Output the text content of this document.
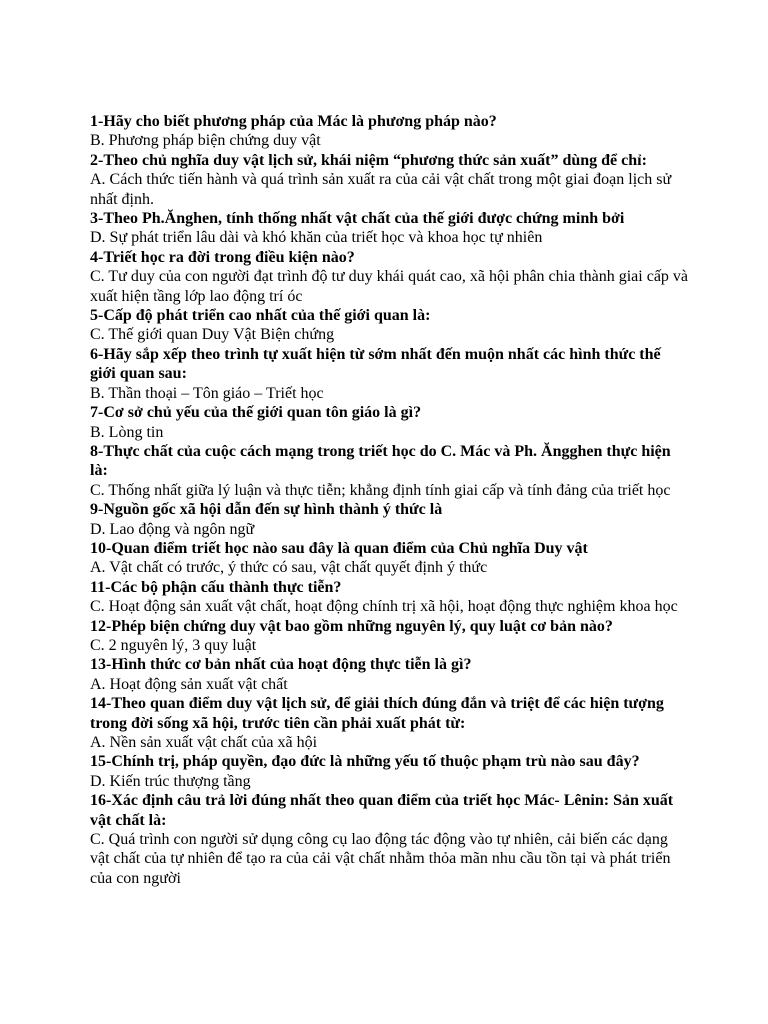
1-Hãy cho biết phương pháp của Mác là phương pháp nào?

B. Phương pháp biện chứng duy vật

2-Theo chủ nghĩa duy vật lịch sử, khái niệm “phương thức sản xuất” dùng để chỉ:

A. Cách thức tiến hành và quá trình sản xuất ra của cải vật chất trong một giai đoạn lịch sử nhất định.

3-Theo Ph.Ănghen, tính thống nhất vật chất của thế giới được chứng minh bởi

D. Sự phát triển lâu dài và khó khăn của triết học và khoa học tự nhiên

4-Triết học ra đời trong điều kiện nào?

C. Tư duy của con người đạt trình độ tư duy khái quát cao, xã hội phân chia thành giai cấp và xuất hiện tầng lớp lao động trí óc

5-Cấp độ phát triển cao nhất của thế giới quan là:

C. Thế giới quan Duy Vật Biện chứng

6-Hãy sắp xếp theo trình tự xuất hiện từ sớm nhất đến muộn nhất các hình thức thế giới quan sau:

B. Thần thoại – Tôn giáo – Triết học

7-Cơ sở chủ yếu của thế giới quan tôn giáo là gì?

B. Lòng tin

8-Thực chất của cuộc cách mạng trong triết học do C. Mác và Ph. Ăngghen thực hiện là:

C. Thống nhất giữa lý luận và thực tiễn; khẳng định tính giai cấp và tính đảng của triết học

9-Nguồn gốc xã hội dẫn đến sự hình thành ý thức là

D. Lao động và ngôn ngữ

10-Quan điểm triết học nào sau đây là quan điểm của Chủ nghĩa Duy vật

A. Vật chất có trước, ý thức có sau, vật chất quyết định ý thức

11-Các bộ phận cấu thành thực tiễn?

C. Hoạt động sản xuất vật chất, hoạt động chính trị xã hội, hoạt động thực nghiệm khoa học

12-Phép biện chứng duy vật bao gồm những nguyên lý, quy luật cơ bản nào?

C. 2 nguyên lý, 3 quy luật

13-Hình thức cơ bản nhất của hoạt động thực tiễn là gì?

A. Hoạt động sản xuất vật chất

14-Theo quan điểm duy vật lịch sử, để giải thích đúng đắn và triệt để các hiện tượng trong đời sống xã hội, trước tiên cần phải xuất phát từ:

A. Nền sản xuất vật chất của xã hội

15-Chính trị, pháp quyền, đạo đức là những yếu tố thuộc phạm trù nào sau đây?

D. Kiến trúc thượng tầng

16-Xác định câu trả lời đúng nhất theo quan điểm của triết học Mác- Lênin: Sản xuất vật chất là:

C. Quá trình con người sử dụng công cụ lao động tác động vào tự nhiên, cải biến các dạng vật chất của tự nhiên để tạo ra của cải vật chất nhằm thỏa mãn nhu cầu tồn tại và phát triển của con người
